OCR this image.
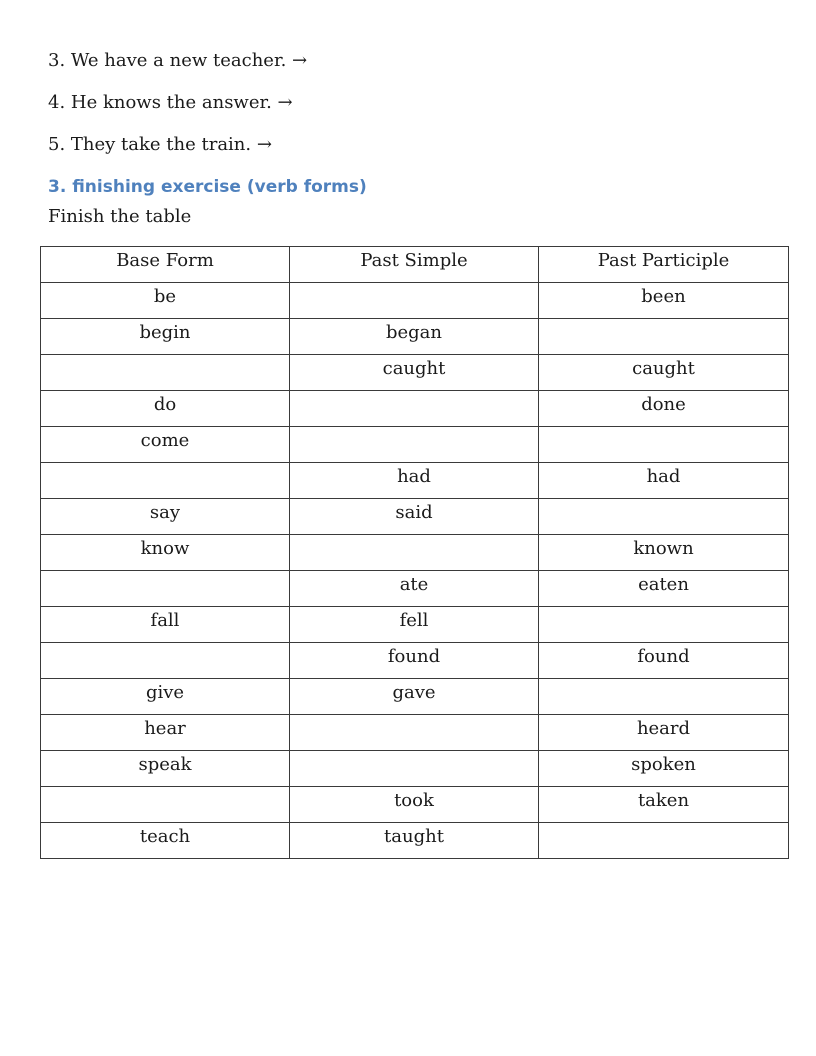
3. We have a new teacher. →
4. He knows the answer. →
5. They take the train. →
3. finishing exercise (verb forms)

Finish the table

Base Form	Past Simple	Past Participle
be		been
begin	began	
	caught	caught
do		done
come		
	had	had
say	said	
know		known
	ate	eaten
fall	fell	
	found	found
give	gave	
hear		heard
speak		spoken
	took	taken
teach	taught	
